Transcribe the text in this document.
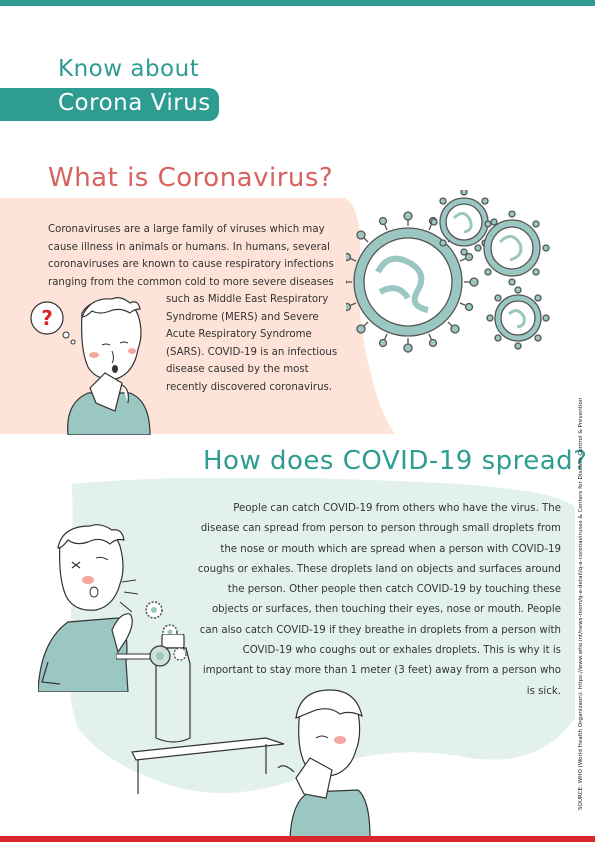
Know about
Corona Virus
What is Coronavirus?
Coronaviruses are a large family of viruses which may cause illness in animals or humans. In humans, several coronaviruses are known to cause respiratory infections ranging from the common cold to more severe diseases
such as Middle East Respiratory Syndrome (MERS) and Severe Acute Respiratory Syndrome (SARS). COVID-19 is an infectious disease caused by the most recently discovered coronavirus.
?
How does COVID-19 spread?
People can catch COVID-19 from others who have the virus. The disease can spread from person to person through small droplets from the nose or mouth which are spread when a person with COVID-19 coughs or exhales. These droplets land on objects and surfaces around the person. Other people then catch COVID-19 by touching these objects or surfaces, then touching their eyes, nose or mouth. People can also catch COVID-19 if they breathe in droplets from a person with COVID-19 who coughs out or exhales droplets. This is why it is important to stay more than 1 meter (3 feet) away from a person who is sick.	SOURCE: WHO (World Health Organizaon): https://www.who.int/news-room/q-a-detail/q-a-coronaviruses & Centers for Disease Control & Prevention
